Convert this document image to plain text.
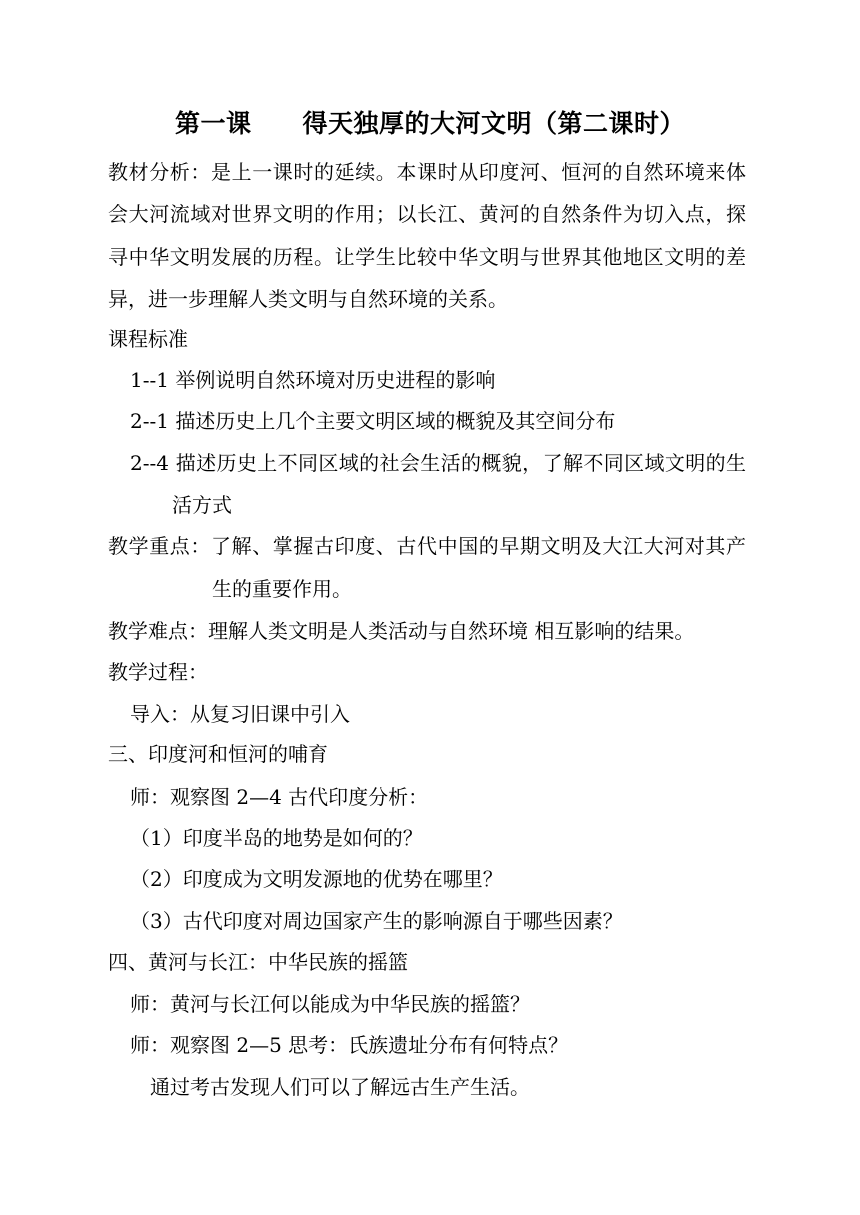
第一课　　得天独厚的大河文明（第二课时）
教材分析：是上一课时的延续。本课时从印度河、恒河的自然环境来体
会大河流域对世界文明的作用；以长江、黄河的自然条件为切入点，探
寻中华文明发展的历程。让学生比较中华文明与世界其他地区文明的差
异，进一步理解人类文明与自然环境的关系。
课程标准
1--1 举例说明自然环境对历史进程的影响
2--1 描述历史上几个主要文明区域的概貌及其空间分布
2--4 描述历史上不同区域的社会生活的概貌，了解不同区域文明的生
活方式
教学重点：了解、掌握古印度、古代中国的早期文明及大江大河对其产
生的重要作用。
教学难点：理解人类文明是人类活动与自然环境 相互影响的结果。
教学过程：
导入：从复习旧课中引入
三、印度河和恒河的哺育
师：观察图 2—4 古代印度分析：
（1）印度半岛的地势是如何的？
（2）印度成为文明发源地的优势在哪里？
（3）古代印度对周边国家产生的影响源自于哪些因素？
四、黄河与长江：中华民族的摇篮
师：黄河与长江何以能成为中华民族的摇篮？
师：观察图 2—5 思考：氏族遗址分布有何特点？
通过考古发现人们可以了解远古生产生活。
